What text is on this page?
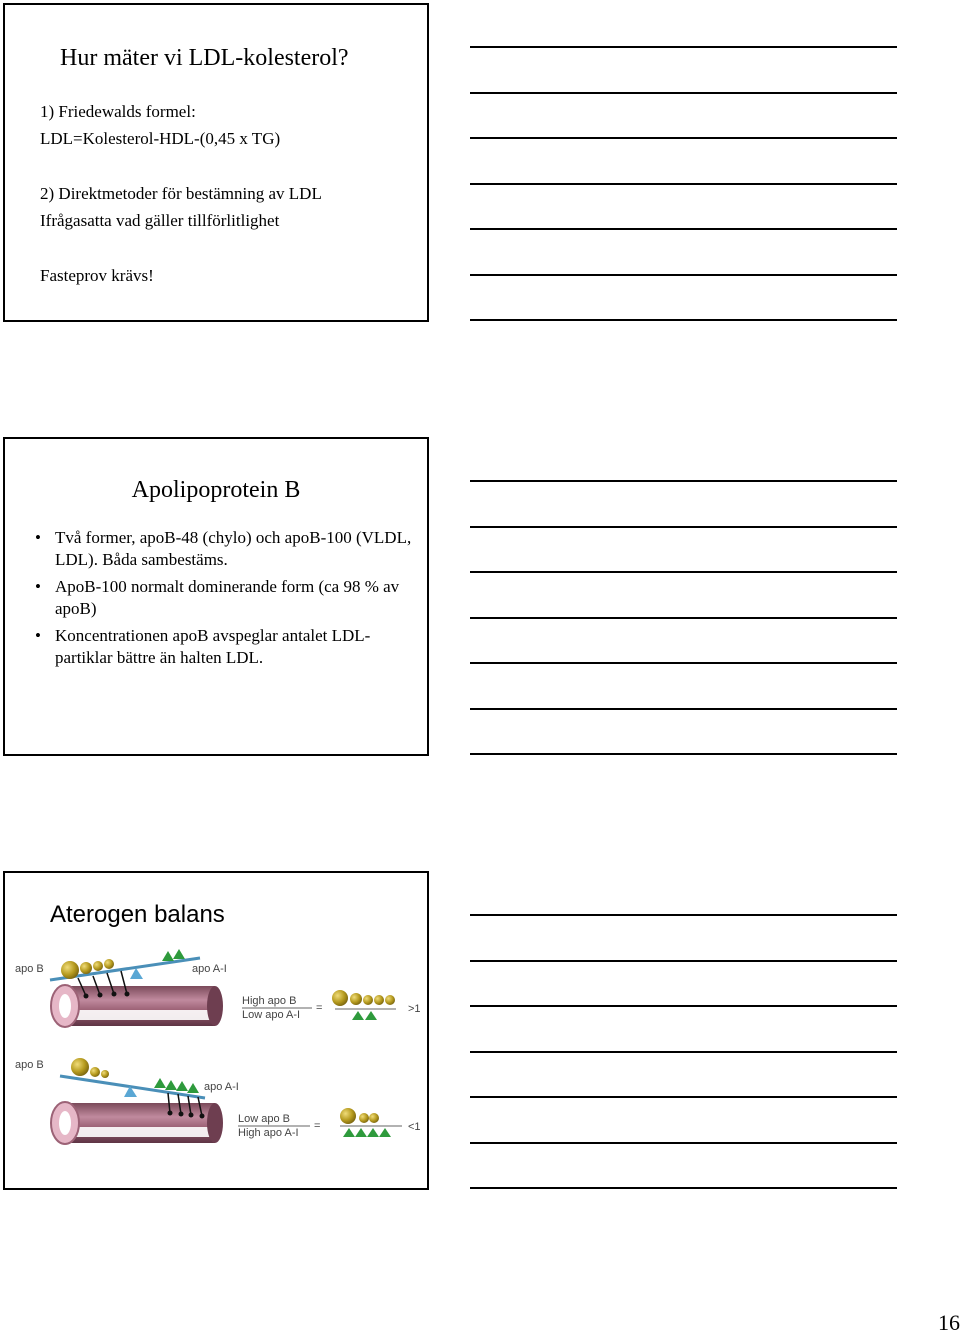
Hur mäter vi LDL-kolesterol?
1) Friedewalds formel:
LDL=Kolesterol-HDL-(0,45 x TG)
2) Direktmetoder för bestämning av LDL
Ifrågasatta vad gäller tillförlitlighet
Fasteprov krävs!
Apolipoprotein B
• Två former, apoB-48 (chylo) och apoB-100 (VLDL, LDL). Båda sambestäms.
• ApoB-100 normalt dominerande form (ca 98 % av apoB)
• Koncentrationen apoB avspeglar antalet LDL-partiklar bättre än halten LDL.
Aterogen balans
apo B	apo A-I
High apo B
Low apo A-I
=	>1
apo B
apo A-I
Low apo B
High apo A-I
=	<1
16
